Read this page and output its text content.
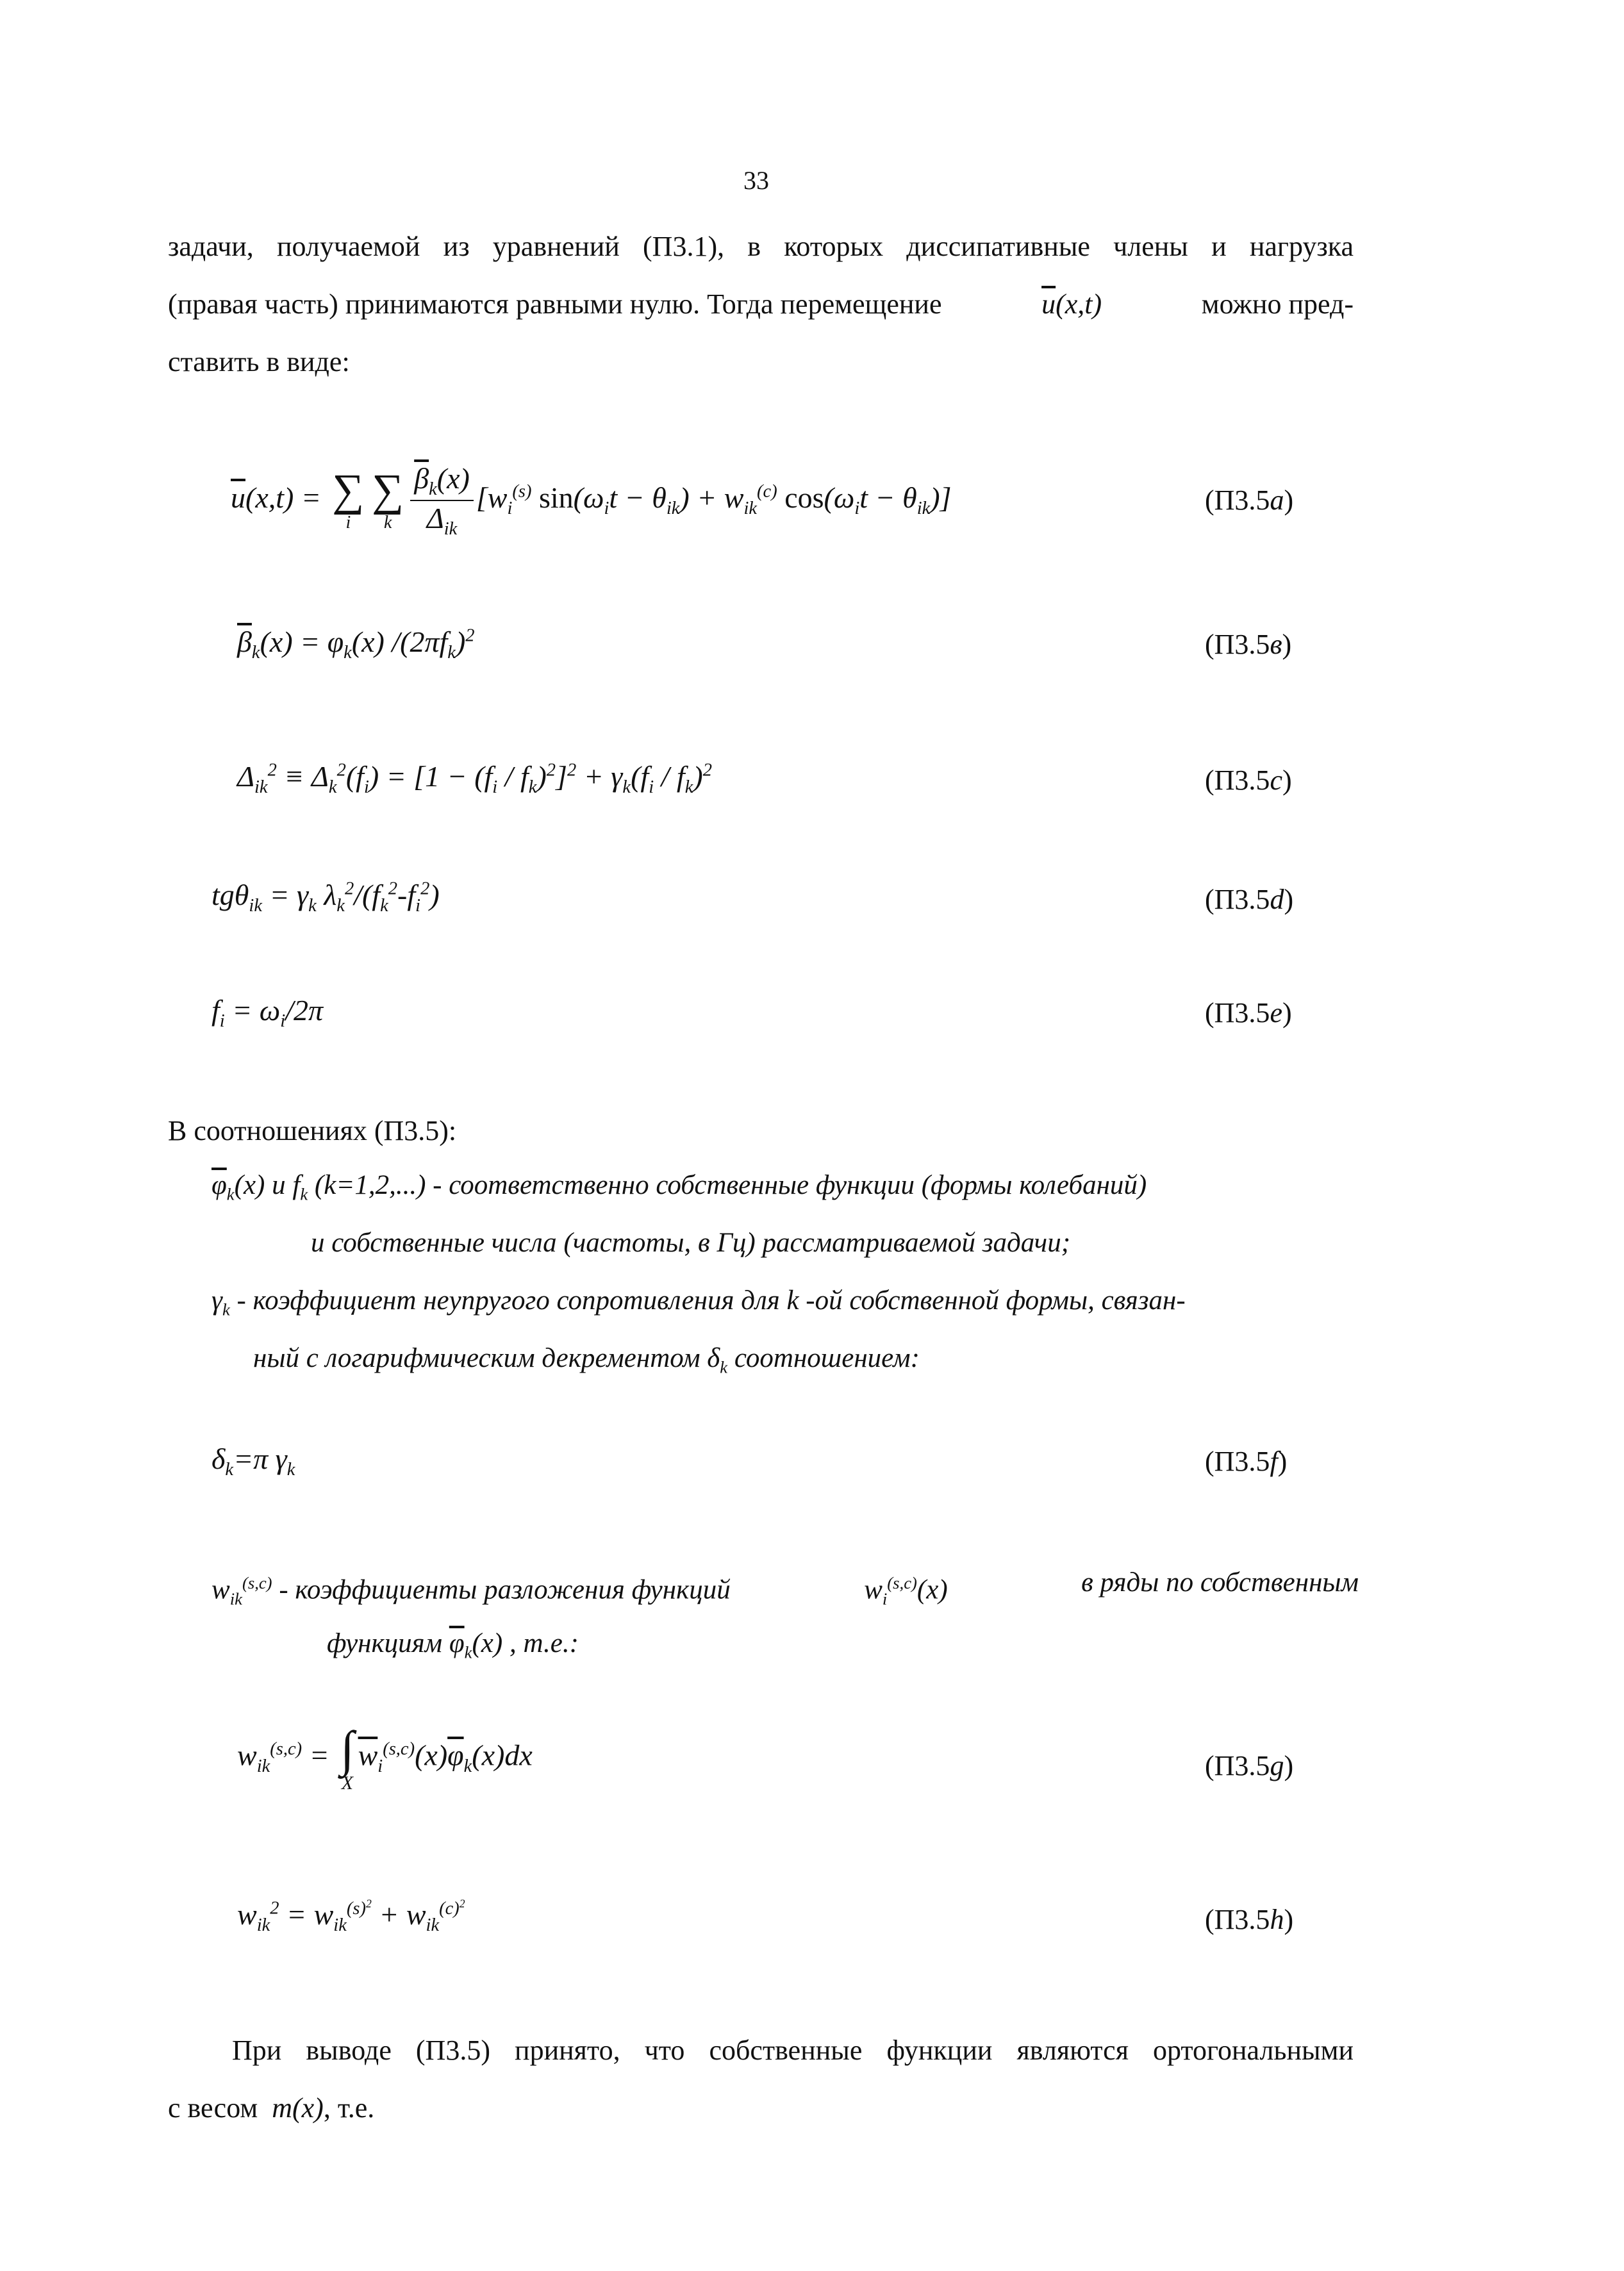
33
задачи, получаемой из уравнений (П3.1), в которых диссипативные члены и нагрузка
(правая часть) принимаются равными нулю. Тогда перемещение	$\overline{u}(x,t)$	можно пред-
ставить в виде:
$\overline{u}(x,t)$ = ∑
i
∑
k $\frac{\overline{\beta}_k(x)}{\Delta_{ik}} [w_i^{(s)}$ $\sin(\omega_it - \theta_{ik}) + w_{ik}^{(c)}$ $\cos(\omega_it - \theta_{ik})$]	(П3.5a)
$\overline{\beta}_k(x) = \varphi_k(x)$ $/(2\pi f_k)^2$	(П3.5в)
$\Delta_{ik}^2 \equiv \Delta_k^2(f_i) = [1 - (f_i / f_k)^2]^2 + \gamma_k(f_i / f_k)^2$	(П3.5c)
$tg\theta_{ik} = \gamma_k$ $\lambda_k^2/(f_k^2-f_i^2)$	(П3.5d)
$f_i = \omega_i/2\pi$	(П3.5e)
В соотношениях (П3.5):
$\overline{\varphi}_k(x)$ и $f_k$ (k=1,2,...) - соответственно собственные функции (формы колебаний)
и собственные числа (частоты, в Гц) рассматриваемой задачи;
$\gamma_k$ - коэффициент неупругого сопротивления для k -ой собственной формы, связан-
ный с логарифмическим декрементом $\delta_k$ соотношением:
$\delta_k=\pi$ $\gamma_k$	(П3.5f)
$w_{ik}^{(s,c)}$ - коэффициенты разложения функций	$w_i^{(s,c)}(x)$	в ряды по собственным
функциям $\overline{\varphi}_k(x)$ , т.е.:
$w_{ik}^{(s,c)}$ = ∫
X
$\overline{w}_i^{(s,c)}(x)\overline{\varphi}_k(x)dx$	(П3.5g)
$w_{ik}^2 = w_{ik}^{(s)^2} + w_{ik}^{(c)^2}$
(П3.5h)
При выводе (П3.5) принято, что собственные функции являются ортогональными
с весом m(x), т.е.
